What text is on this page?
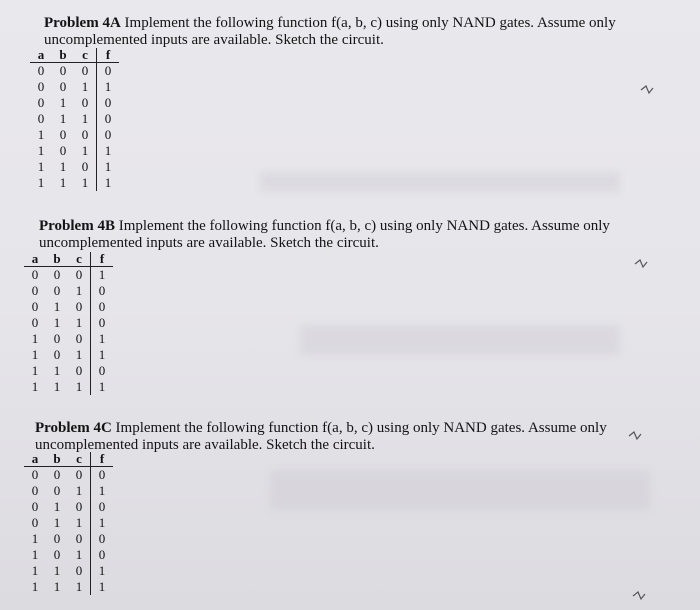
Problem 4A Implement the following function f(a, b, c) using only NAND gates. Assume only uncomplemented inputs are available. Sketch the circuit.
a	b	c	f
0	0	0	0
0	0	1	1
0	1	0	0
0	1	1	0
1	0	0	0
1	0	1	1
1	1	0	1
1	1	1	1
Problem 4B Implement the following function f(a, b, c) using only NAND gates. Assume only uncomplemented inputs are available. Sketch the circuit.
a	b	c	f
0	0	0	1
0	0	1	0
0	1	0	0
0	1	1	0
1	0	0	1
1	0	1	1
1	1	0	0
1	1	1	1
Problem 4C Implement the following function f(a, b, c) using only NAND gates. Assume only uncomplemented inputs are available. Sketch the circuit.
a	b	c	f
0	0	0	0
0	0	1	1
0	1	0	0
0	1	1	1
1	0	0	0
1	0	1	0
1	1	0	1
1	1	1	1
